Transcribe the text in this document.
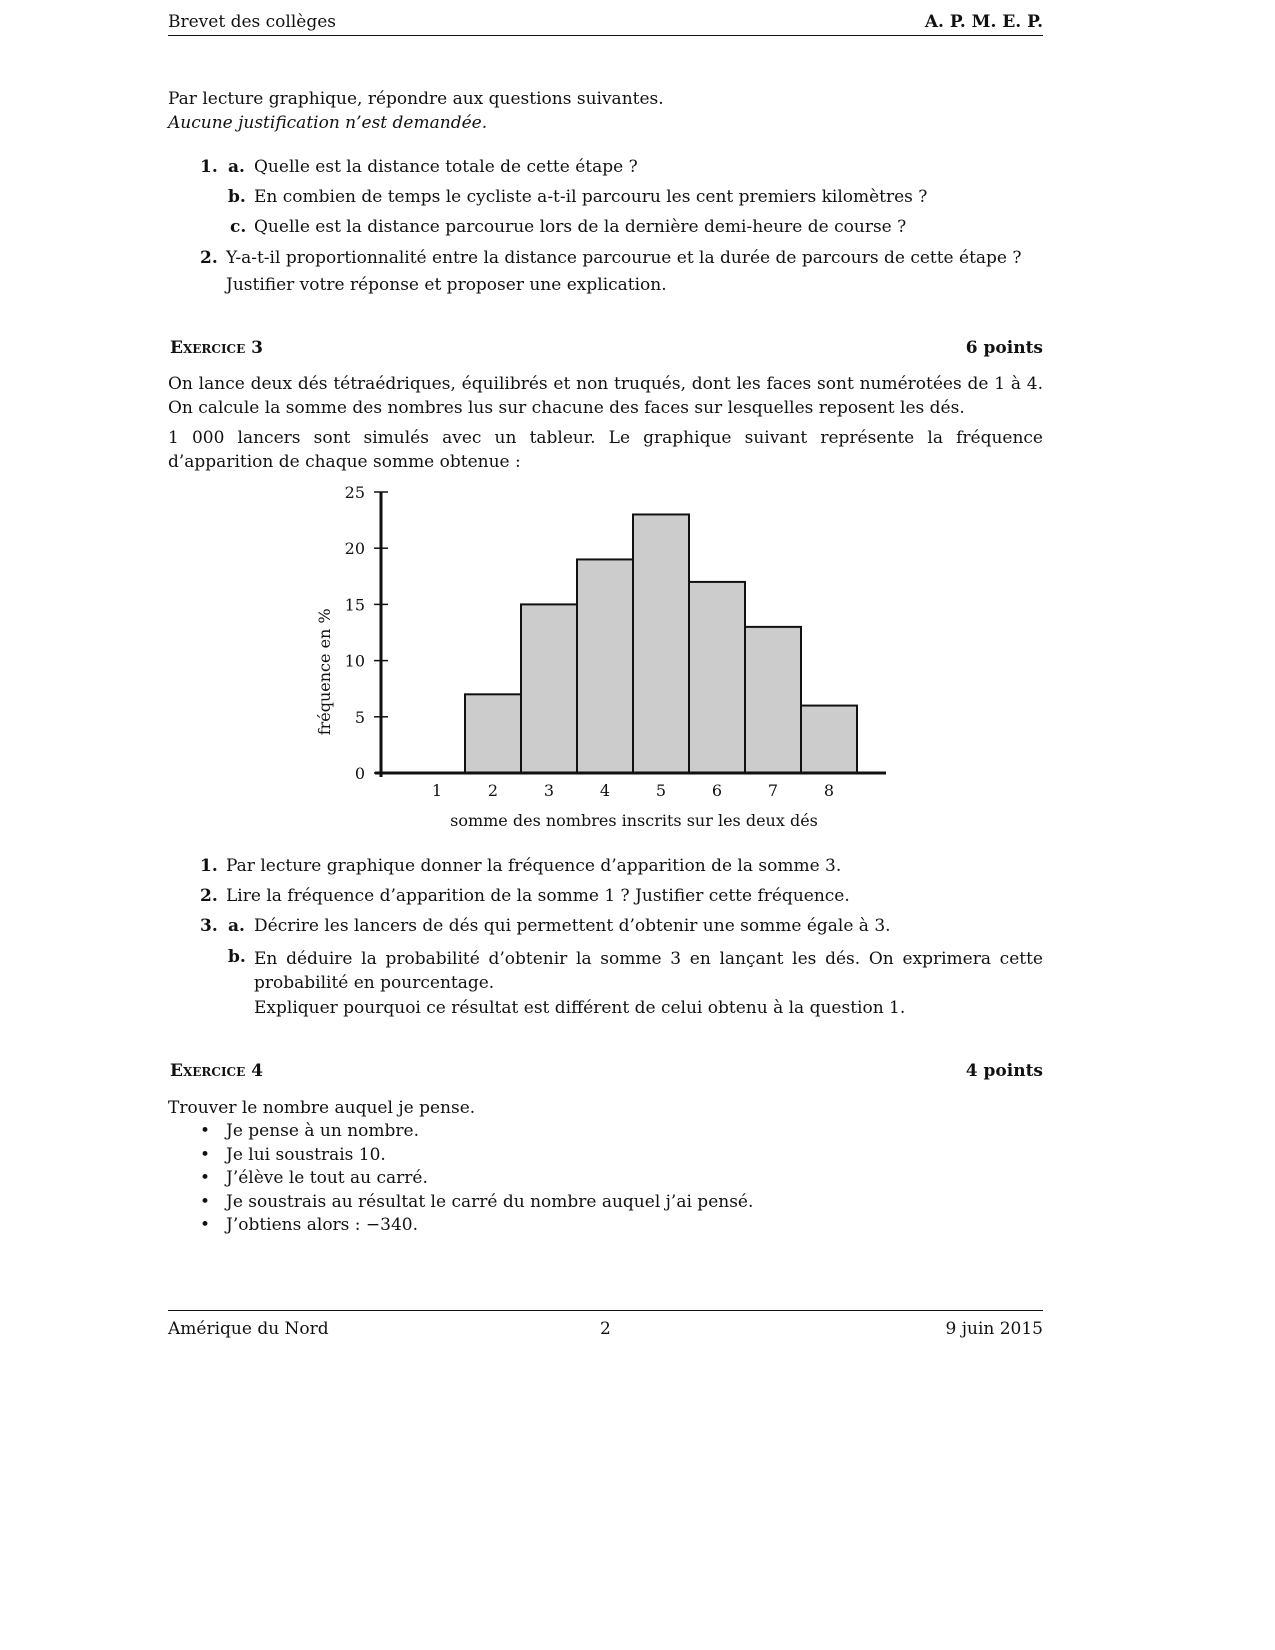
Brevet des collèges	A. P. M. E. P.

Par lecture graphique, répondre aux questions suivantes.

Aucune justification n’est demandée.

1. a. Quelle est la distance totale de cette étape ?
b. En combien de temps le cycliste a-t-il parcouru les cent premiers kilomètres ?
c. Quelle est la distance parcourue lors de la dernière demi-heure de course ?
2. Y-a-t-il proportionnalité entre la distance parcourue et la durée de parcours de cette étape ?
Justifier votre réponse et proposer une explication.
Exercice 3	6 points

On lance deux dés tétraédriques, équilibrés et non truqués, dont les faces sont numérotées de 1 à 4. On calcule la somme des nombres lus sur chacune des faces sur lesquelles reposent les dés.

1 000 lancers sont simulés avec un tableur. Le graphique suivant représente la fréquence d’apparition de chaque somme obtenue :

0
5
10
15
20
25
1	2	3	4	5	6	7	8
somme des nombres inscrits sur les deux dés
fréquence en %
1. Par lecture graphique donner la fréquence d’apparition de la somme 3.
2. Lire la fréquence d’apparition de la somme 1 ? Justifier cette fréquence.
3. a. Décrire les lancers de dés qui permettent d’obtenir une somme égale à 3.
b. En déduire la probabilité d’obtenir la somme 3 en lançant les dés. On exprimera cette probabilité en pourcentage.
Expliquer pourquoi ce résultat est différent de celui obtenu à la question 1.
Exercice 4	4 points

Trouver le nombre auquel je pense.

• Je pense à un nombre.
• Je lui soustrais 10.
• J’élève le tout au carré.
• Je soustrais au résultat le carré du nombre auquel j’ai pensé.
• J’obtiens alors : −340.
Amérique du Nord	2	9 juin 2015
